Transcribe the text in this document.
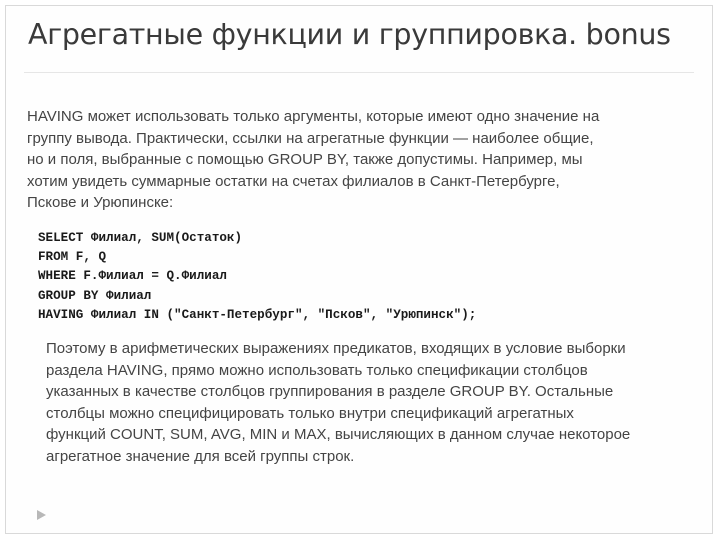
Агрегатные функции и группировка. bonus
HAVING может использовать только аргументы, которые имеют одно значение на
группу вывода. Практически, ссылки на агрегатные функции — наиболее общие,
но и поля, выбранные с помощью GROUP BY, также допустимы. Например, мы
хотим увидеть суммарные остатки на счетах филиалов в Санкт-Петербурге,
Пскове и Урюпинске:
SELECT Филиал, SUM(Остаток)
FROM F, Q
WHERE F.Филиал = Q.Филиал
GROUP BY Филиал
HAVING Филиал IN ("Санкт-Петербург", "Псков", "Урюпинск");
Поэтому в арифметических выражениях предикатов, входящих в условие выборки
раздела HAVING, прямо можно использовать только спецификации столбцов
указанных в качестве столбцов группирования в разделе GROUP BY. Остальные
столбцы можно специфицировать только внутри спецификаций агрегатных
функций COUNT, SUM, AVG, MIN и MAX, вычисляющих в данном случае некоторое
агрегатное значение для всей группы строк.
